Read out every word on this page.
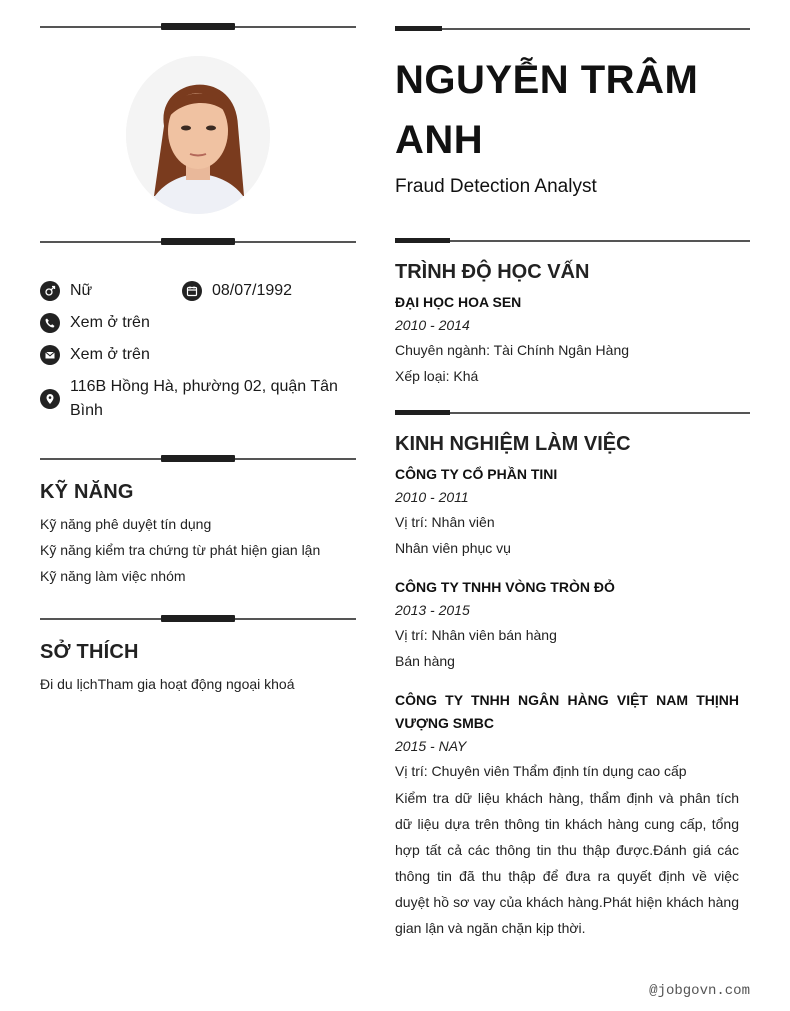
Nữ	08/07/1992
Xem ở trên
Xem ở trên
116B Hồng Hà, phường 02, quận Tân Bình
KỸ NĂNG
Kỹ năng phê duyệt tín dụng
Kỹ năng kiểm tra chứng từ phát hiện gian lận
Kỹ năng làm việc nhóm
SỞ THÍCH
Đi du lịchTham gia hoạt động ngoại khoá
NGUYỄN TRÂM ANH
Fraud Detection Analyst
TRÌNH ĐỘ HỌC VẤN
ĐẠI HỌC HOA SEN
2010 - 2014
Chuyên ngành: Tài Chính Ngân Hàng
Xếp loại: Khá
KINH NGHIỆM LÀM VIỆC
CÔNG TY CỔ PHẦN TINI
2010 - 2011
Vị trí: Nhân viên
Nhân viên phục vụ
CÔNG TY TNHH VÒNG TRÒN ĐỎ
2013 - 2015
Vị trí: Nhân viên bán hàng
Bán hàng
CÔNG TY TNHH NGÂN HÀNG VIỆT NAM THỊNH VƯỢNG SMBC
2015 - NAY
Vị trí: Chuyên viên Thẩm định tín dụng cao cấp
Kiểm tra dữ liệu khách hàng, thẩm định và phân tích dữ liệu dựa trên thông tin khách hàng cung cấp, tổng hợp tất cả các thông tin thu thập được.Đánh giá các thông tin đã thu thập để đưa ra quyết định về việc duyệt hồ sơ vay của khách hàng.Phát hiện khách hàng gian lận và ngăn chặn kịp thời.
@jobgovn.com
